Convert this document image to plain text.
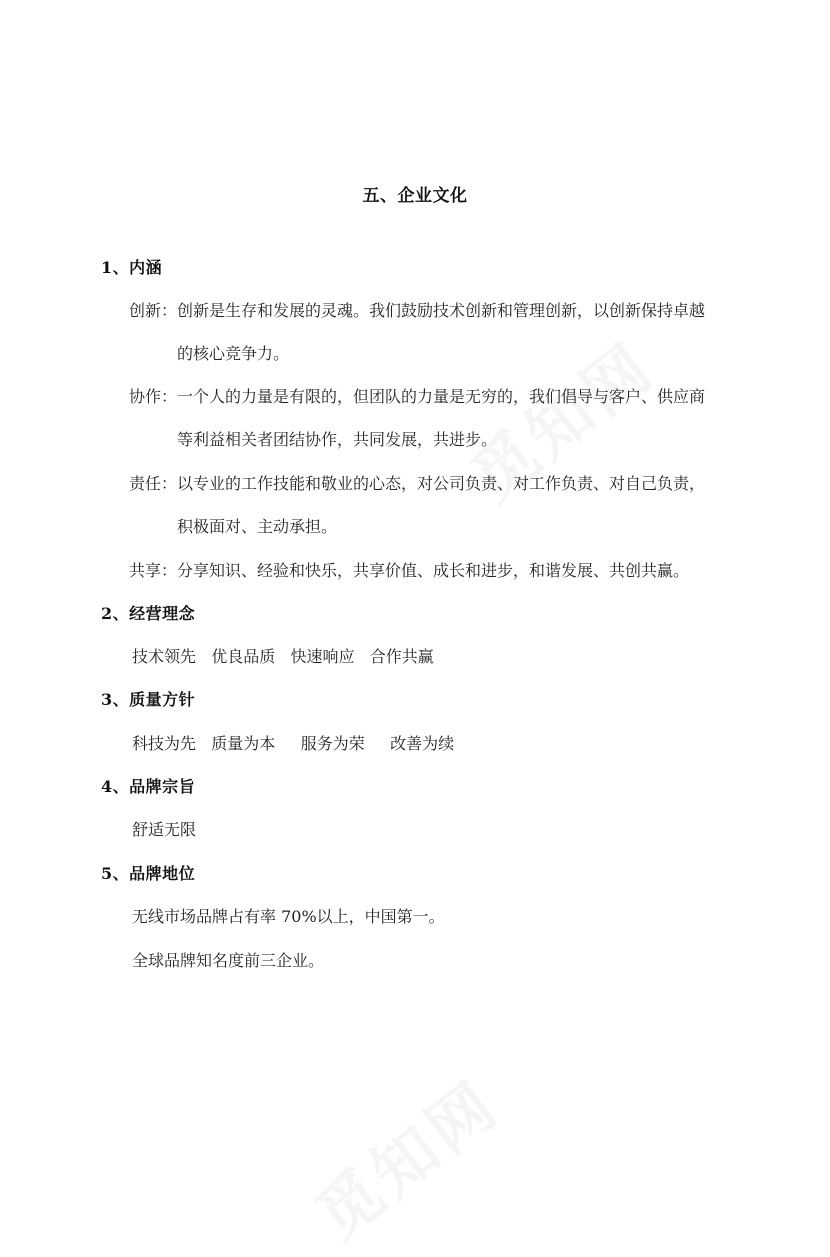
五、企业文化
1、内涵
创新：创新是生存和发展的灵魂。我们鼓励技术创新和管理创新，以创新保持卓越
的核心竞争力。
协作：一个人的力量是有限的，但团队的力量是无穷的，我们倡导与客户、供应商
等利益相关者团结协作，共同发展，共进步。
责任：以专业的工作技能和敬业的心态，对公司负责、对工作负责、对自己负责，
积极面对、主动承担。
共享：分享知识、经验和快乐，共享价值、成长和进步，和谐发展、共创共赢。
2、经营理念
技术领先   优良品质   快速响应   合作共赢
3、质量方针
科技为先   质量为本     服务为荣     改善为续
4、品牌宗旨
舒适无限
5、品牌地位
无线市场品牌占有率 70%以上，中国第一。
全球品牌知名度前三企业。
